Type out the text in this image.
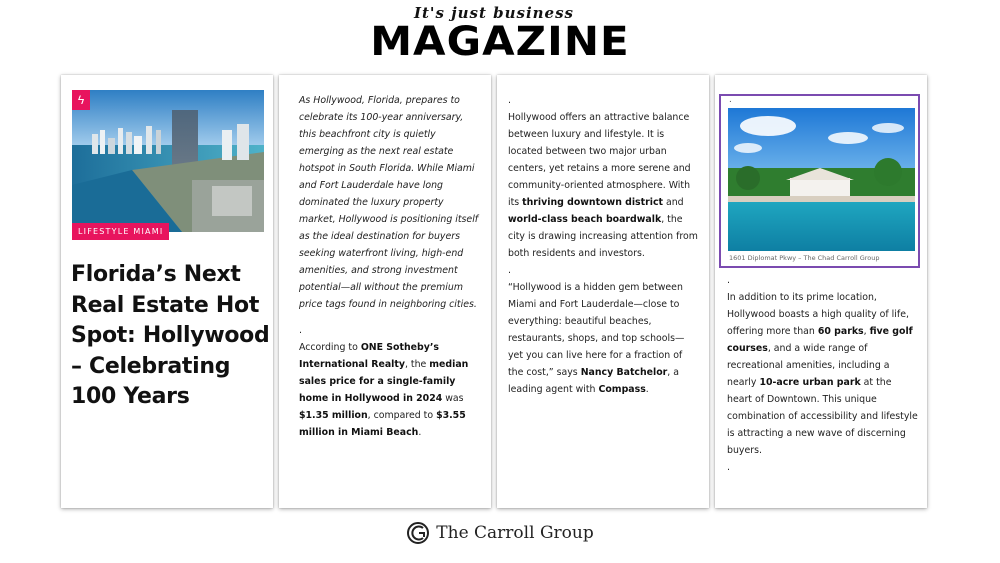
It's just business
MAGAZINE
ϟ
LIFESTYLE MIAMI
Florida’s Next Real Estate Hot Spot: Hollywood – Celebrating 100 Years
As Hollywood, Florida, prepares to celebrate its 100-year anniversary, this beachfront city is quietly emerging as the next real estate hotspot in South Florida. While Miami and Fort Lauderdale have long dominated the luxury property market, Hollywood is positioning itself as the ideal destination for buyers seeking waterfront living, high-end amenities, and strong investment potential—all without the premium price tags found in neighboring cities.
.
According to ONE Sotheby’s International Realty, the median sales price for a single-family home in Hollywood in 2024 was $1.35 million, compared to $3.55 million in Miami Beach.
.
Hollywood offers an attractive balance between luxury and lifestyle. It is located between two major urban centers, yet retains a more serene and community-oriented atmosphere. With its thriving downtown district and world-class beach boardwalk, the city is drawing increasing attention from both residents and investors.
.
“Hollywood is a hidden gem between Miami and Fort Lauderdale—close to everything: beautiful beaches, restaurants, shops, and top schools—yet you can live here for a fraction of the cost,” says Nancy Batchelor, a leading agent with Compass.
.
1601 Diplomat Pkwy – The Chad Carroll Group
.
In addition to its prime location, Hollywood boasts a high quality of life, offering more than 60 parks, five golf courses, and a wide range of recreational amenities, including a nearly 10-acre urban park at the heart of Downtown. This unique combination of accessibility and lifestyle is attracting a new wave of discerning buyers.
.
The Carroll Group
